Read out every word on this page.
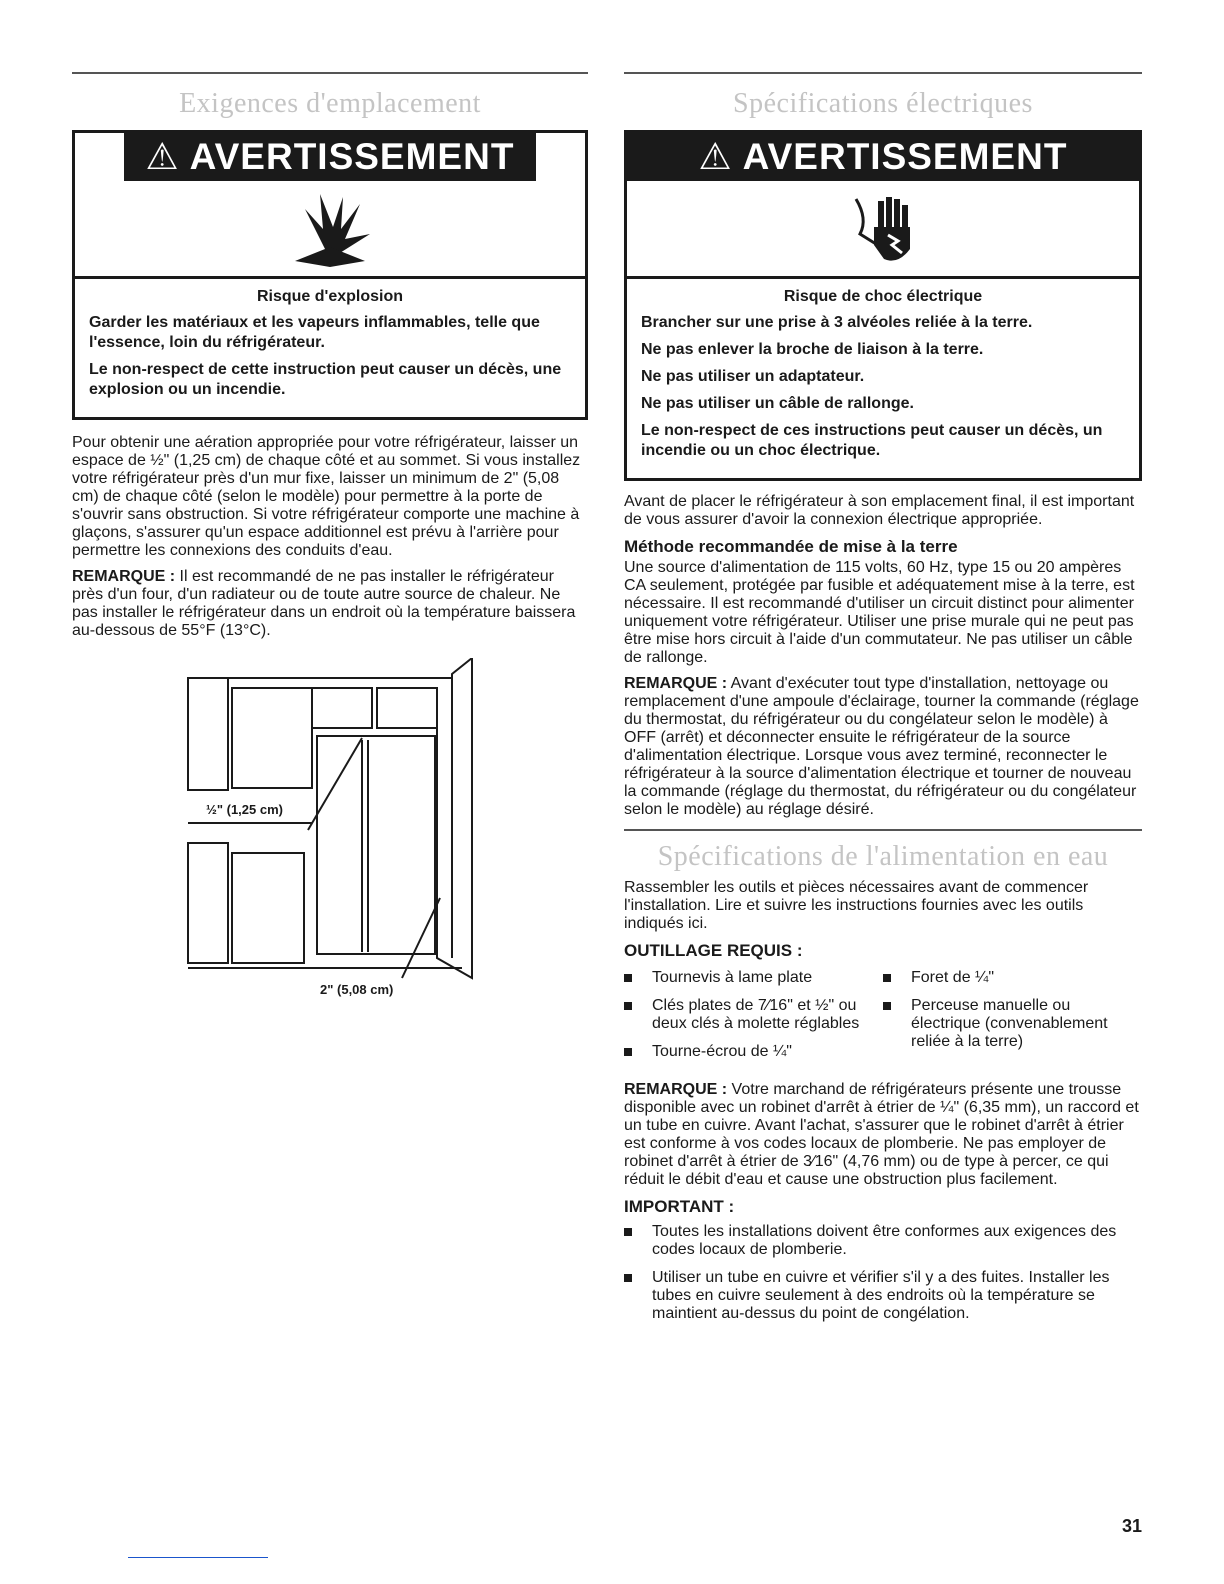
Exigences d'emplacement
⚠ AVERTISSEMENT
Risque d'explosion

Garder les matériaux et les vapeurs inflammables, telle que l'essence, loin du réfrigérateur.

Le non-respect de cette instruction peut causer un décès, une explosion ou un incendie.

Pour obtenir une aération appropriée pour votre réfrigérateur, laisser un espace de ½" (1,25 cm) de chaque côté et au sommet. Si vous installez votre réfrigérateur près d'un mur fixe, laisser un minimum de 2" (5,08 cm) de chaque côté (selon le modèle) pour permettre à la porte de s'ouvrir sans obstruction. Si votre réfrigérateur comporte une machine à glaçons, s'assurer qu'un espace additionnel est prévu à l'arrière pour permettre les connexions des conduits d'eau.

REMARQUE : Il est recommandé de ne pas installer le réfrigérateur près d'un four, d'un radiateur ou de toute autre source de chaleur. Ne pas installer le réfrigérateur dans un endroit où la température baissera au-dessous de 55°F (13°C).

½" (1,25 cm)
2" (5,08 cm)
Spécifications électriques
⚠ AVERTISSEMENT
Risque de choc électrique

Brancher sur une prise à 3 alvéoles reliée à la terre.

Ne pas enlever la broche de liaison à la terre.

Ne pas utiliser un adaptateur.

Ne pas utiliser un câble de rallonge.

Le non-respect de ces instructions peut causer un décès, un incendie ou un choc électrique.

Avant de placer le réfrigérateur à son emplacement final, il est important de vous assurer d'avoir la connexion électrique appropriée.

Méthode recommandée de mise à la terre

Une source d'alimentation de 115 volts, 60 Hz, type 15 ou 20 ampères CA seulement, protégée par fusible et adéquatement mise à la terre, est nécessaire. Il est recommandé d'utiliser un circuit distinct pour alimenter uniquement votre réfrigérateur. Utiliser une prise murale qui ne peut pas être mise hors circuit à l'aide d'un commutateur. Ne pas utiliser un câble de rallonge.

REMARQUE : Avant d'exécuter tout type d'installation, nettoyage ou remplacement d'une ampoule d'éclairage, tourner la commande (réglage du thermostat, du réfrigérateur ou du congélateur selon le modèle) à OFF (arrêt) et déconnecter ensuite le réfrigérateur de la source d'alimentation électrique. Lorsque vous avez terminé, reconnecter le réfrigérateur à la source d'alimentation électrique et tourner de nouveau la commande (réglage du thermostat, du réfrigérateur ou du congélateur selon le modèle) au réglage désiré.

Spécifications de l'alimentation en eau

Rassembler les outils et pièces nécessaires avant de commencer l'installation. Lire et suivre les instructions fournies avec les outils indiqués ici.

OUTILLAGE REQUIS :
Tournevis à lame plate
Clés plates de 7⁄16" et ½" ou deux clés à molette réglables
Tourne-écrou de ¼"
Foret de ¼"
Perceuse manuelle ou électrique (convenablement reliée à la terre)

REMARQUE : Votre marchand de réfrigérateurs présente une trousse disponible avec un robinet d'arrêt à étrier de ¼" (6,35 mm), un raccord et un tube en cuivre. Avant l'achat, s'assurer que le robinet d'arrêt à étrier est conforme à vos codes locaux de plomberie. Ne pas employer de robinet d'arrêt à étrier de 3⁄16" (4,76 mm) ou de type à percer, ce qui réduit le débit d'eau et cause une obstruction plus facilement.

IMPORTANT :
Toutes les installations doivent être conformes aux exigences des codes locaux de plomberie.
Utiliser un tube en cuivre et vérifier s'il y a des fuites. Installer les tubes en cuivre seulement à des endroits où la température se maintient au-dessus du point de congélation.
31
